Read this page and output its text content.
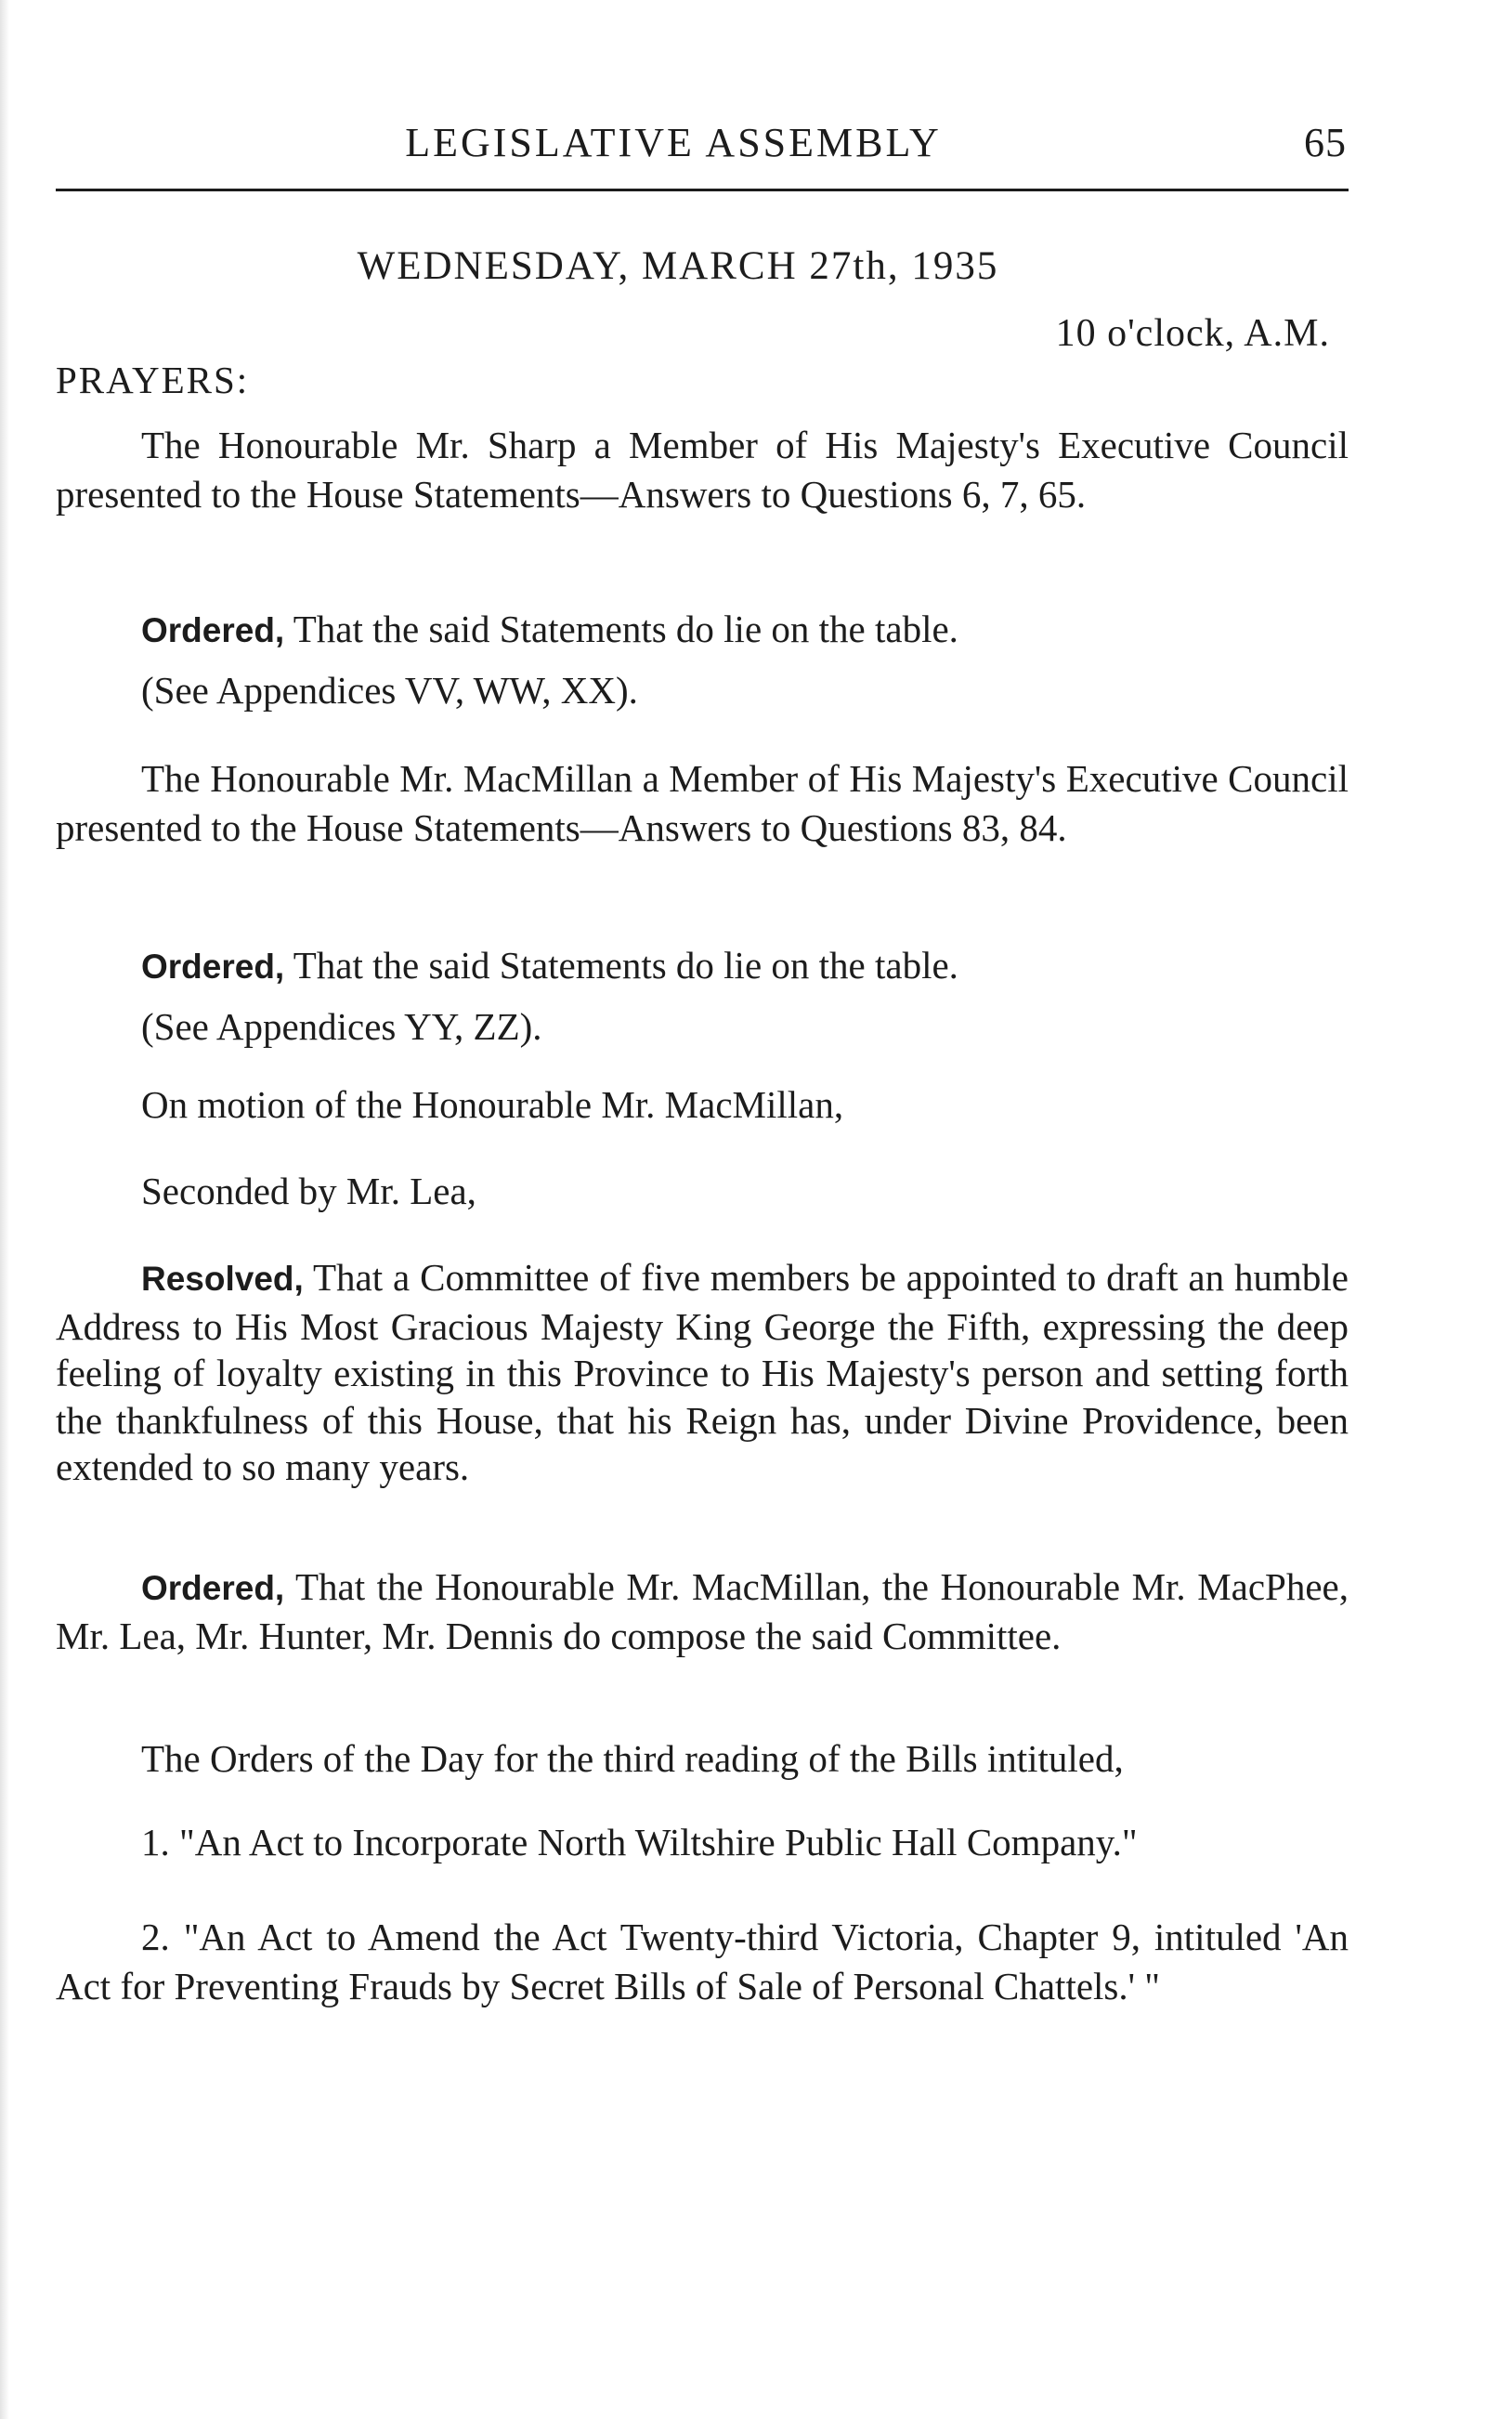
LEGISLATIVE ASSEMBLY	65
WEDNESDAY, MARCH 27th, 1935
10 o'clock, A.M.
PRAYERS:

The Honourable Mr. Sharp a Member of His Majesty's Executive Council presented to the House Statements—Answers to Questions 6, 7, 65.

Ordered, That the said Statements do lie on the table.

(See Appendices VV, WW, XX).

The Honourable Mr. MacMillan a Member of His Majesty's Executive Council presented to the House Statements—Answers to Questions 83, 84.

Ordered, That the said Statements do lie on the table.

(See Appendices YY, ZZ).

On motion of the Honourable Mr. MacMillan,

Seconded by Mr. Lea,

Resolved, That a Committee of five members be appointed to draft an humble Address to His Most Gracious Majesty King George the Fifth, expressing the deep feeling of loyalty existing in this Province to His Majesty's person and setting forth the thankfulness of this House, that his Reign has, under Divine Providence, been extended to so many years.

Ordered, That the Honourable Mr. MacMillan, the Honourable Mr. MacPhee, Mr. Lea, Mr. Hunter, Mr. Dennis do compose the said Committee.

The Orders of the Day for the third reading of the Bills intituled,

1. "An Act to Incorporate North Wiltshire Public Hall Company."

2. "An Act to Amend the Act Twenty-third Victoria, Chapter 9, intituled 'An Act for Preventing Frauds by Secret Bills of Sale of Personal Chattels.' "
